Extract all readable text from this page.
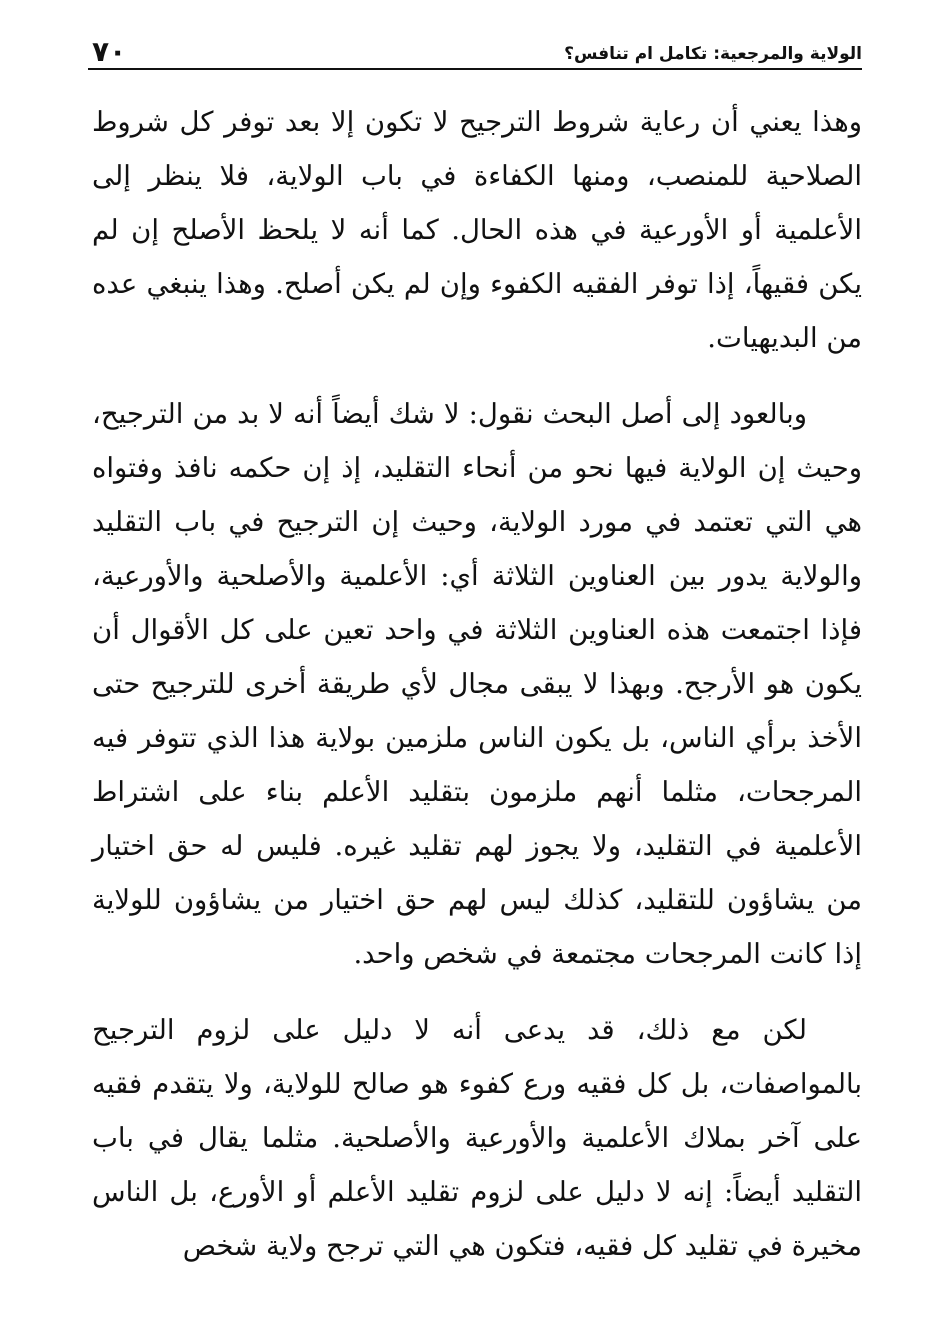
الولاية والمرجعية: تكامل ام تنافس؟
٧٠

وهذا يعني أن رعاية شروط الترجيح لا تكون إلا بعد توفر كل شروط الصلاحية للمنصب، ومنها الكفاءة في باب الولاية، فلا ينظر إلى الأعلمية أو الأورعية في هذه الحال. كما أنه لا يلحظ الأصلح إن لم يكن فقيهاً، إذا توفر الفقيه الكفوء وإن لم يكن أصلح. وهذا ينبغي عده من البديهيات.

وبالعود إلى أصل البحث نقول: لا شك أيضاً أنه لا بد من الترجيح، وحيث إن الولاية فيها نحو من أنحاء التقليد، إذ إن حكمه نافذ وفتواه هي التي تعتمد في مورد الولاية، وحيث إن الترجيح في باب التقليد والولاية يدور بين العناوين الثلاثة أي: الأعلمية والأصلحية والأورعية، فإذا اجتمعت هذه العناوين الثلاثة في واحد تعين على كل الأقوال أن يكون هو الأرجح. وبهذا لا يبقى مجال لأي طريقة أخرى للترجيح حتى الأخذ برأي الناس، بل يكون الناس ملزمين بولاية هذا الذي تتوفر فيه المرجحات، مثلما أنهم ملزمون بتقليد الأعلم بناء على اشتراط الأعلمية في التقليد، ولا يجوز لهم تقليد غيره. فليس له حق اختيار من يشاؤون للتقليد، كذلك ليس لهم حق اختيار من يشاؤون للولاية إذا كانت المرجحات مجتمعة في شخص واحد.

لكن مع ذلك، قد يدعى أنه لا دليل على لزوم الترجيح بالمواصفات، بل كل فقيه ورع كفوء هو صالح للولاية، ولا يتقدم فقيه على آخر بملاك الأعلمية والأورعية والأصلحية. مثلما يقال في باب التقليد أيضاً: إنه لا دليل على لزوم تقليد الأعلم أو الأورع، بل الناس مخيرة في تقليد كل فقيه، فتكون هي التي ترجح ولاية شخص
